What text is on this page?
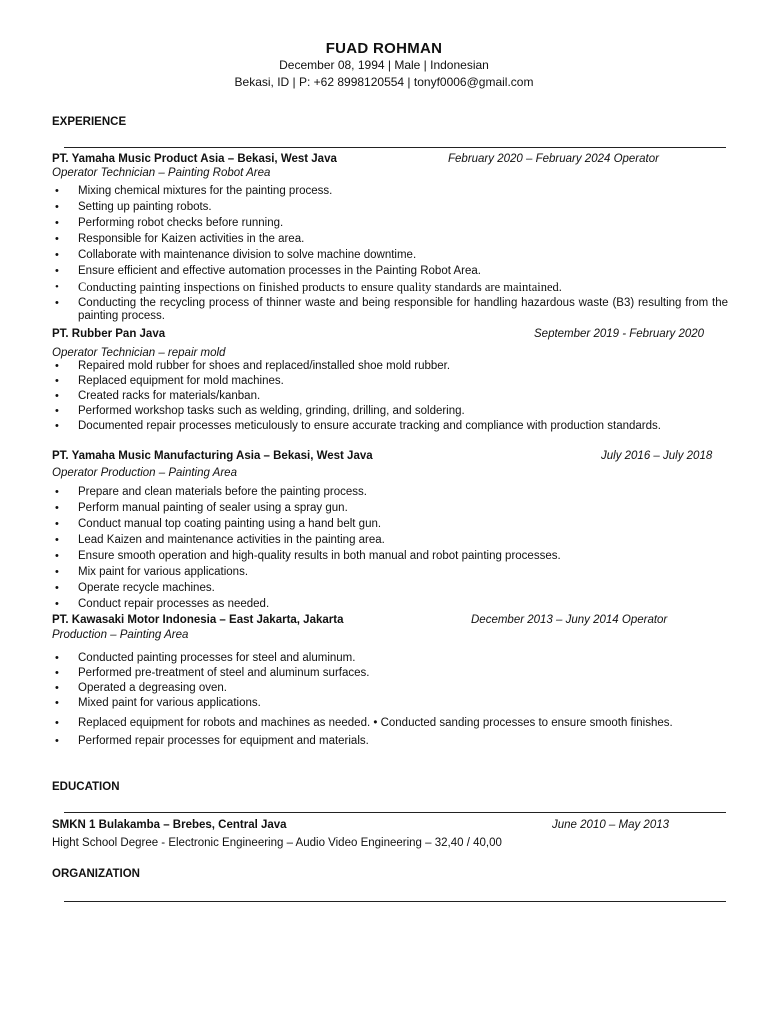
FUAD ROHMAN
December 08, 1994 | Male | Indonesian
Bekasi, ID | P: +62 8998120554 | tonyf0006@gmail.com
EXPERIENCE
PT. Yamaha Music Product Asia – Bekasi, West Java	February 2020 – February 2024 Operator
Operator Technician – Painting Robot Area
• Mixing chemical mixtures for the painting process.
• Setting up painting robots.
• Performing robot checks before running.
• Responsible for Kaizen activities in the area.
• Collaborate with maintenance division to solve machine downtime.
• Ensure efficient and effective automation processes in the Painting Robot Area.
• Conducting painting inspections on finished products to ensure quality standards are maintained.
• Conducting the recycling process of thinner waste and being responsible for handling hazardous waste (B3) resulting from the painting process.
PT. Rubber Pan Java	September 2019 - February 2020
Operator Technician – repair mold
• Repaired mold rubber for shoes and replaced/installed shoe mold rubber.
• Replaced equipment for mold machines.
• Created racks for materials/kanban.
• Performed workshop tasks such as welding, grinding, drilling, and soldering.
• Documented repair processes meticulously to ensure accurate tracking and compliance with production standards.
PT. Yamaha Music Manufacturing Asia – Bekasi, West Java	July 2016 – July 2018
Operator Production – Painting Area
• Prepare and clean materials before the painting process.
• Perform manual painting of sealer using a spray gun.
• Conduct manual top coating painting using a hand belt gun.
• Lead Kaizen and maintenance activities in the painting area.
• Ensure smooth operation and high-quality results in both manual and robot painting processes.
• Mix paint for various applications.
• Operate recycle machines.
• Conduct repair processes as needed.
PT. Kawasaki Motor Indonesia – East Jakarta, Jakarta	December 2013 – Juny 2014 Operator
Production – Painting Area
• Conducted painting processes for steel and aluminum.
• Performed pre-treatment of steel and aluminum surfaces.
• Operated a degreasing oven.
• Mixed paint for various applications.
• Replaced equipment for robots and machines as needed. • Conducted sanding processes to ensure smooth finishes.
• Performed repair processes for equipment and materials.
EDUCATION
SMKN 1 Bulakamba – Brebes, Central Java	June 2010 – May 2013
Hight School Degree - Electronic Engineering – Audio Video Engineering – 32,40 / 40,00
ORGANIZATION
